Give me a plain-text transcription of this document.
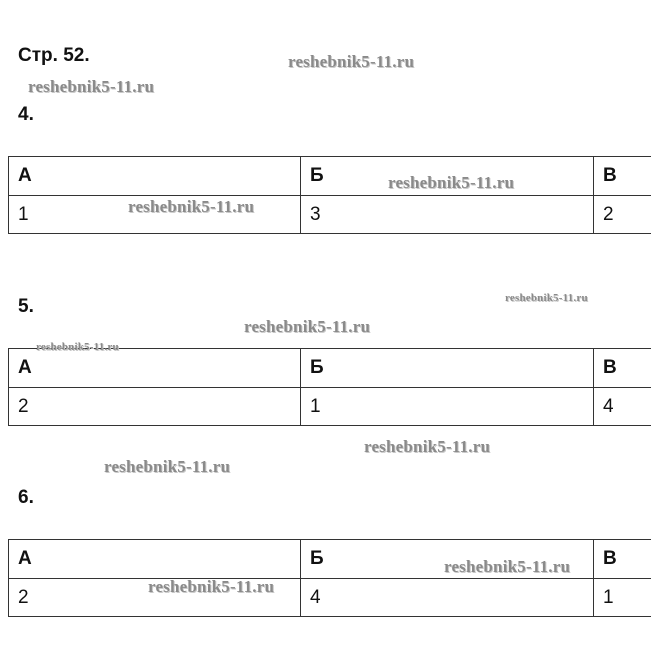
Стр. 52.
4.
А	Б	В
1	3	2
5.
А	Б	В
2	1	4
6.
А	Б	В
2	4	1
reshebnik5-11.ru
reshebnik5-11.ru
reshebnik5-11.ru
reshebnik5-11.ru
reshebnik5-11.ru
reshebnik5-11.ru
reshebnik5-11.ru
reshebnik5-11.ru
reshebnik5-11.ru
reshebnik5-11.ru
reshebnik5-11.ru
